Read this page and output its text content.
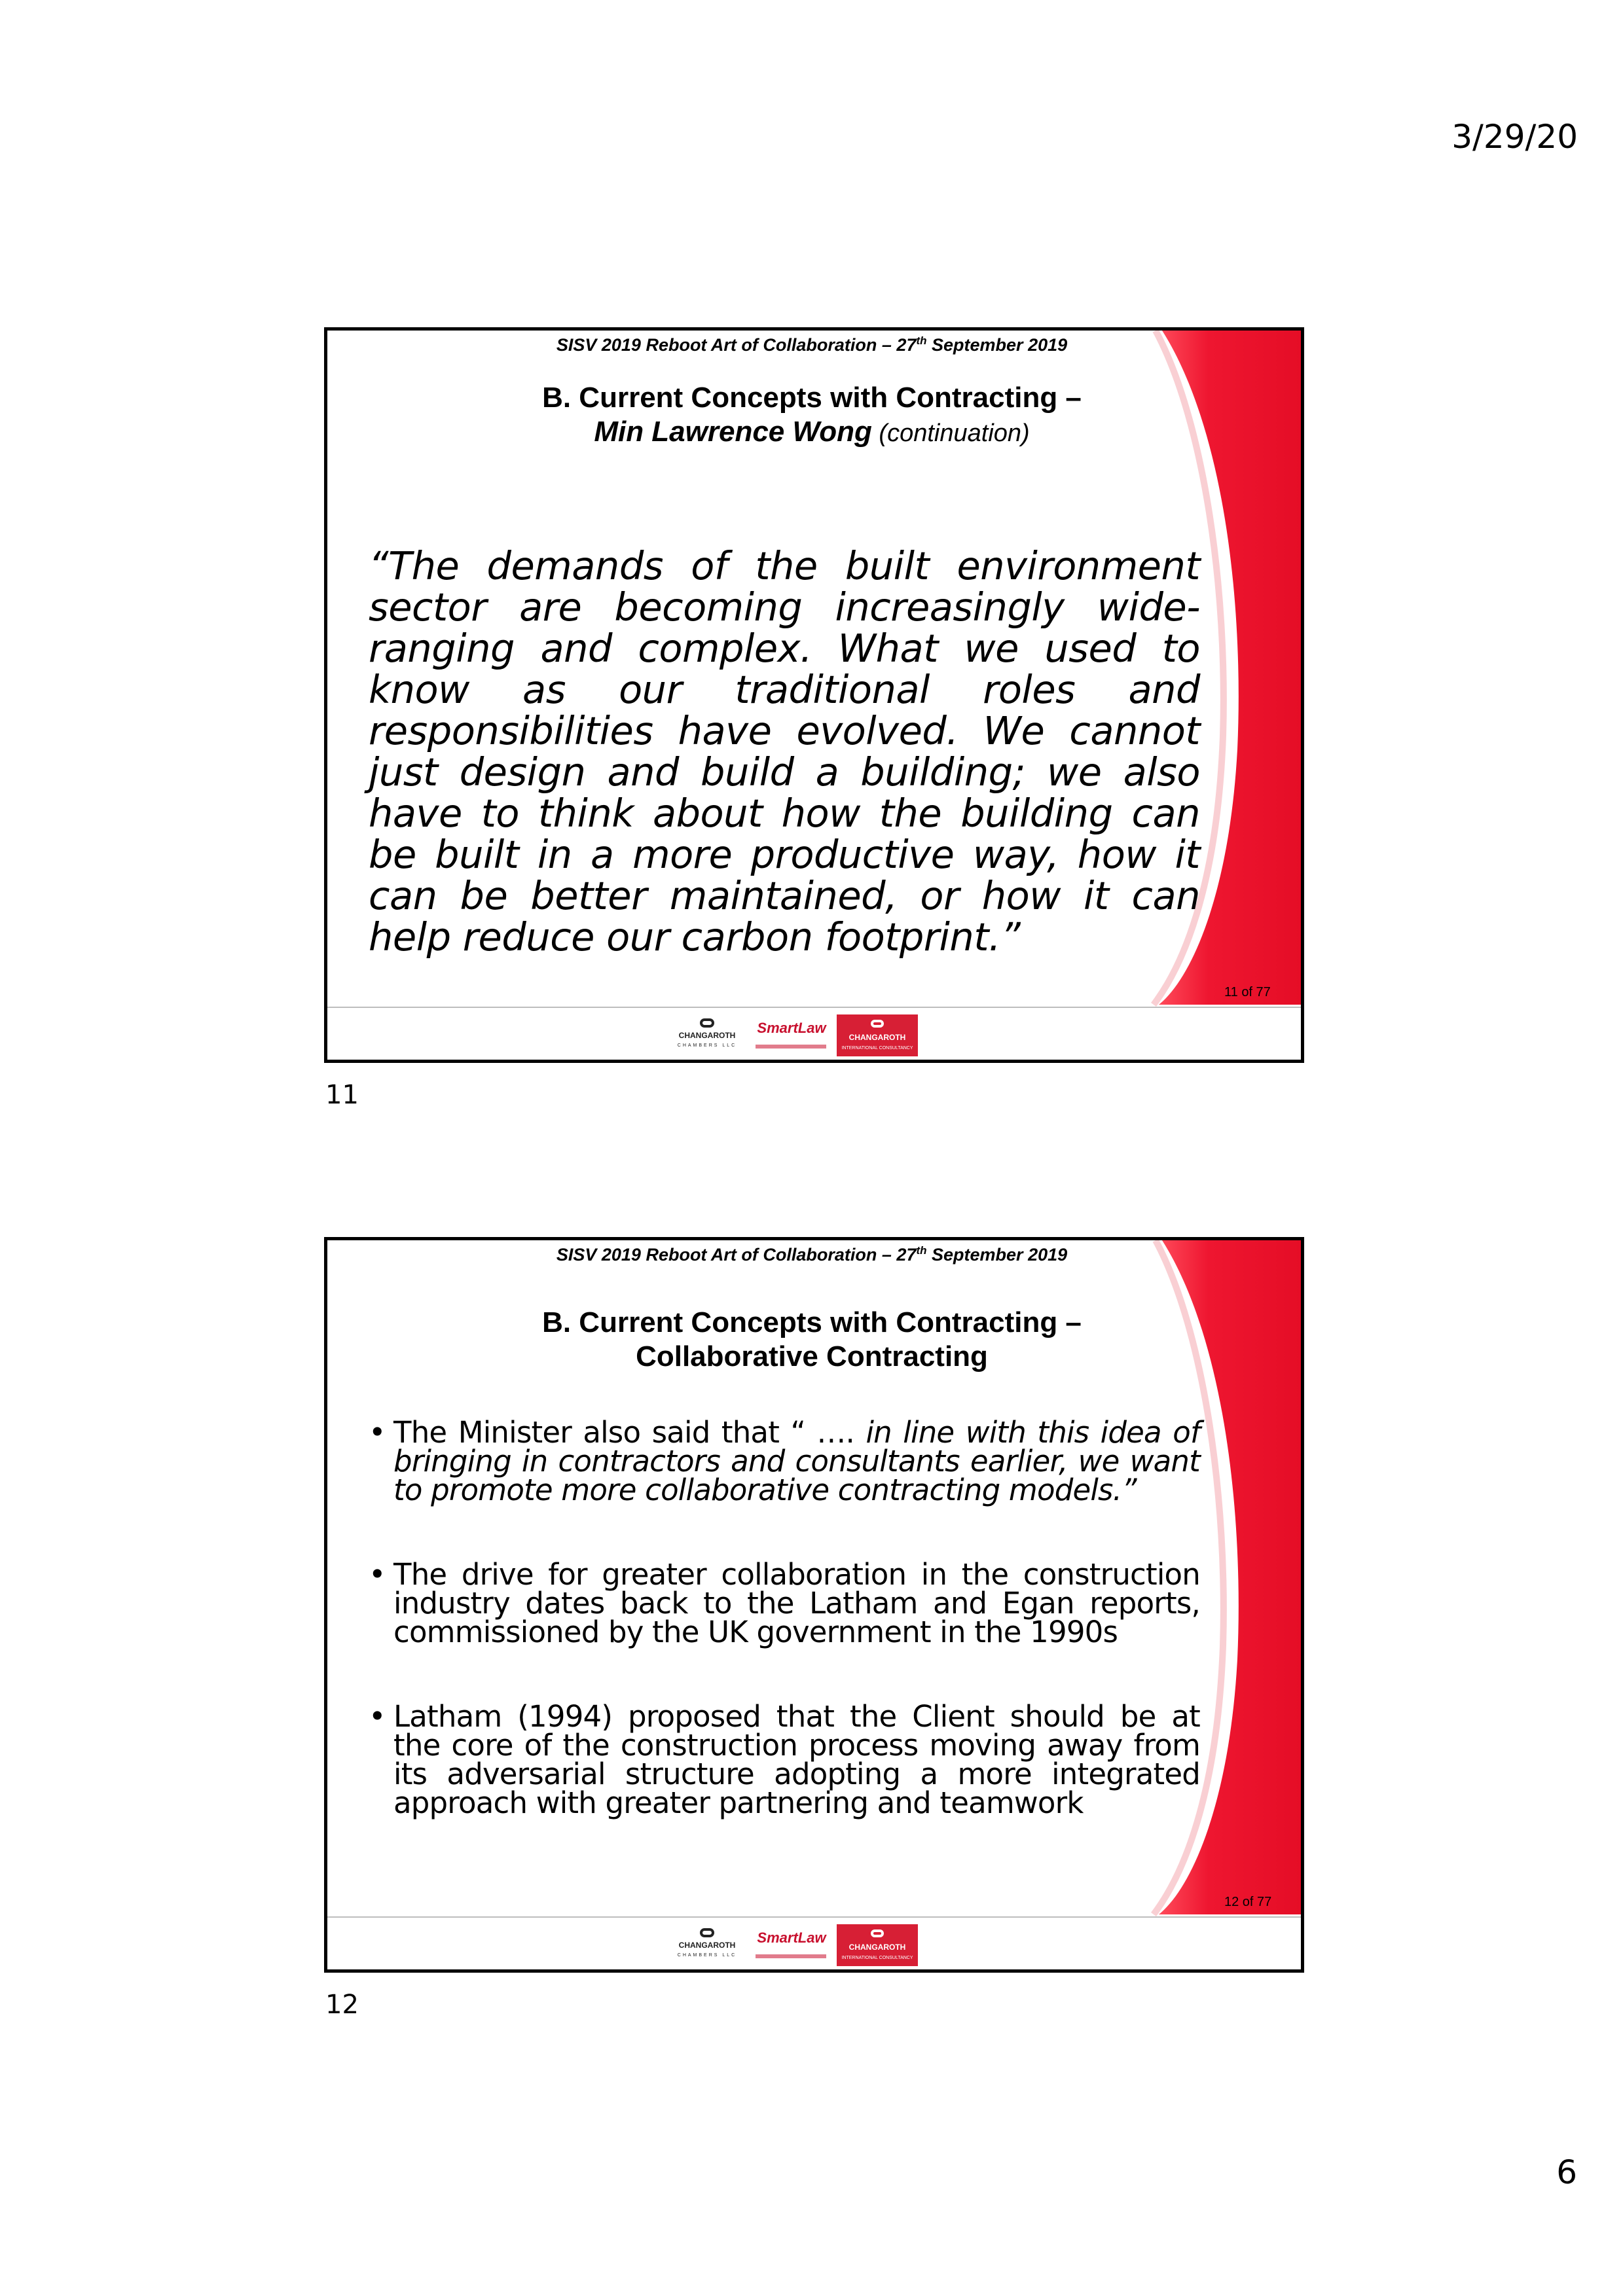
3/29/20
SISV 2019 Reboot Art of Collaboration – 27th September 2019
B. Current Concepts with Contracting –
Min Lawrence Wong (continuation)
“The demands of the built environment sector are becoming increasingly wide-ranging and complex. What we used to know as our traditional roles and responsibilities have evolved. We cannot just design and build a building; we also have to think about how the building can be built in a more productive way, how it can be better maintained, or how it can help reduce our carbon footprint.”
11 of 77
CHANGAROTH
CHAMBERS LLC
SmartLaw
CHANGAROTH
INTERNATIONAL CONSULTANCY
11
SISV 2019 Reboot Art of Collaboration – 27th September 2019
B. Current Concepts with Contracting –
Collaborative Contracting
• The Minister also said that “ …. in line with this idea of bringing in contractors and consultants earlier, we want to promote more collaborative contracting models.”
• The drive for greater collaboration in the construction industry dates back to the Latham and Egan reports, commissioned by the UK government in the 1990s
• Latham (1994) proposed that the Client should be at the core of the construction process moving away from its adversarial structure adopting a more integrated approach with greater partnering and teamwork
12 of 77
CHANGAROTH
CHAMBERS LLC
SmartLaw
CHANGAROTH
INTERNATIONAL CONSULTANCY
12
6
